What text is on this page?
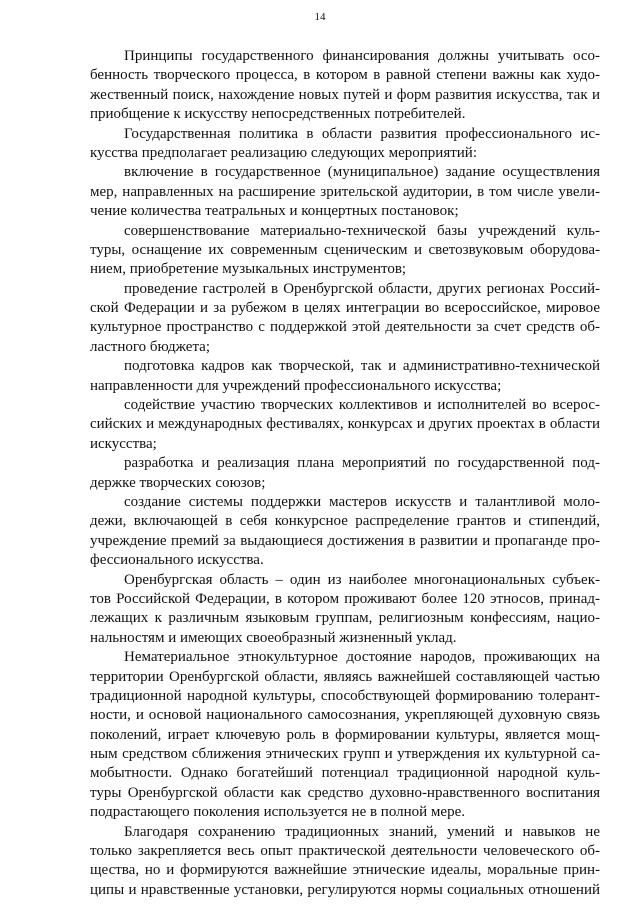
14
Принципы государственного финансирования должны учитывать осо-
бенность творческого процесса, в котором в равной степени важны как худо-
жественный поиск, нахождение новых путей и форм развития искусства, так и
приобщение к искусству непосредственных потребителей.
Государственная политика в области развития профессионального ис-
кусства предполагает реализацию следующих мероприятий:
включение в государственное (муниципальное) задание осуществления
мер, направленных на расширение зрительской аудитории, в том числе увели-
чение количества театральных и концертных постановок;
совершенствование материально-технической базы учреждений куль-
туры, оснащение их современным сценическим и светозвуковым оборудова-
нием, приобретение музыкальных инструментов;
проведение гастролей в Оренбургской области, других регионах Россий-
ской Федерации и за рубежом в целях интеграции во всероссийское, мировое
культурное пространство с поддержкой этой деятельности за счет средств об-
ластного бюджета;
подготовка кадров как творческой, так и административно-технической
направленности для учреждений профессионального искусства;
содействие участию творческих коллективов и исполнителей во всерос-
сийских и международных фестивалях, конкурсах и других проектах в области
искусства;
разработка и реализация плана мероприятий по государственной под-
держке творческих союзов;
создание системы поддержки мастеров искусств и талантливой моло-
дежи, включающей в себя конкурсное распределение грантов и стипендий,
учреждение премий за выдающиеся достижения в развитии и пропаганде про-
фессионального искусства.
Оренбургская область – один из наиболее многонациональных субъек-
тов Российской Федерации, в котором проживают более 120 этносов, принад-
лежащих к различным языковым группам, религиозным конфессиям, нацио-
нальностям и имеющих своеобразный жизненный уклад.
Нематериальное этнокультурное достояние народов, проживающих на
территории Оренбургской области, являясь важнейшей составляющей частью
традиционной народной культуры, способствующей формированию толерант-
ности, и основой национального самосознания, укрепляющей духовную связь
поколений, играет ключевую роль в формировании культуры, является мощ-
ным средством сближения этнических групп и утверждения их культурной са-
мобытности. Однако богатейший потенциал традиционной народной куль-
туры Оренбургской области как средство духовно-нравственного воспитания
подрастающего поколения используется не в полной мере.
Благодаря сохранению традиционных знаний, умений и навыков не
только закрепляется весь опыт практической деятельности человеческого об-
щества, но и формируются важнейшие этнические идеалы, моральные прин-
ципы и нравственные установки, регулируются нормы социальных отношений
